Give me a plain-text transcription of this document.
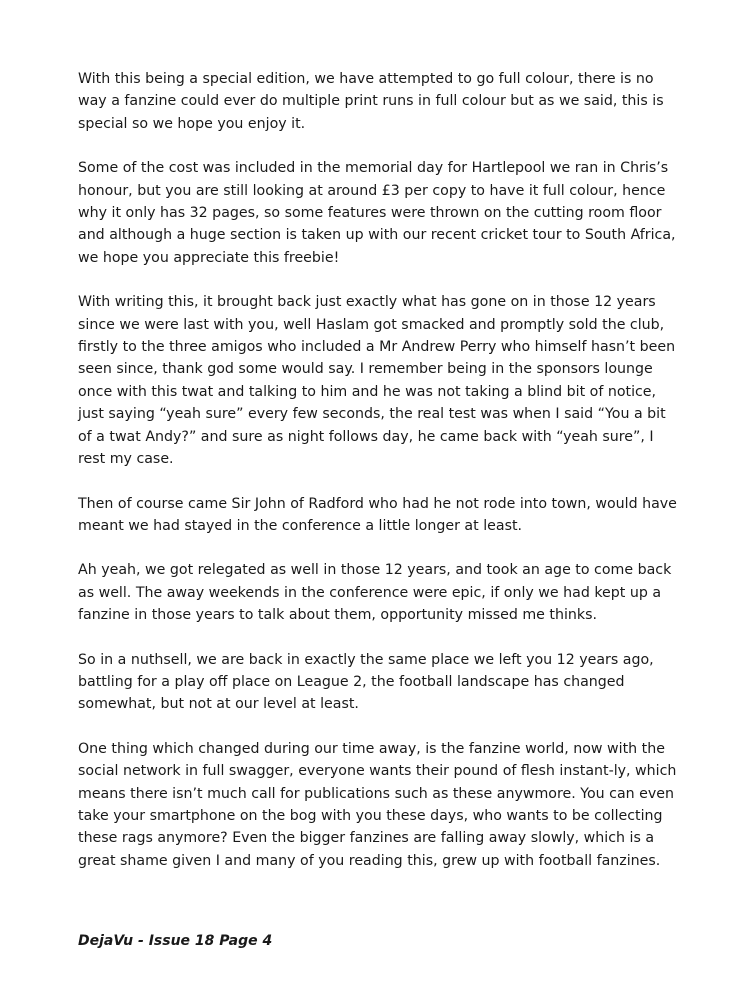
With this being a special edition, we have attempted to go full colour, there is no way a fanzine could ever do multiple print runs in full colour but as we said, this is special so we hope you enjoy it.

Some of the cost was included in the memorial day for Hartlepool we ran in Chris’s honour, but you are still looking at around £3 per copy to have it full colour, hence why it only has 32 pages, so some features were thrown on the cutting room floor and although a huge section is taken up with our recent cricket tour to South Africa, we hope you appreciate this freebie!

With writing this, it brought back just exactly what has gone on in those 12 years since we were last with you, well Haslam got smacked and promptly sold the club, firstly to the three amigos who included a Mr Andrew Perry who himself hasn’t been seen since, thank god some would say. I remember being in the sponsors lounge once with this twat and talking to him and he was not taking a blind bit of notice, just saying “yeah sure” every few seconds, the real test was when I said “You a bit of a twat Andy?” and sure as night follows day, he came back with “yeah sure”, I rest my case.

Then of course came Sir John of Radford who had he not rode into town, would have meant we had stayed in the conference a little longer at least.

Ah yeah, we got relegated as well in those 12 years, and took an age to come back as well. The away weekends in the conference were epic, if only we had kept up a fanzine in those years to talk about them, opportunity missed me thinks.

So in a nuthsell, we are back in exactly the same place we left you 12 years ago, battling for a play off place on League 2, the football landscape has changed somewhat, but not at our level at least.

One thing which changed during our time away, is the fanzine world, now with the social network in full swagger, everyone wants their pound of flesh instant-ly, which means there isn’t much call for publications such as these anywmore. You can even take your smartphone on the bog with you these days, who wants to be collecting these rags anymore? Even the bigger fanzines are falling away slowly, which is a great shame given I and many of you reading this, grew up with football fanzines.

DejaVu - Issue 18 Page 4
